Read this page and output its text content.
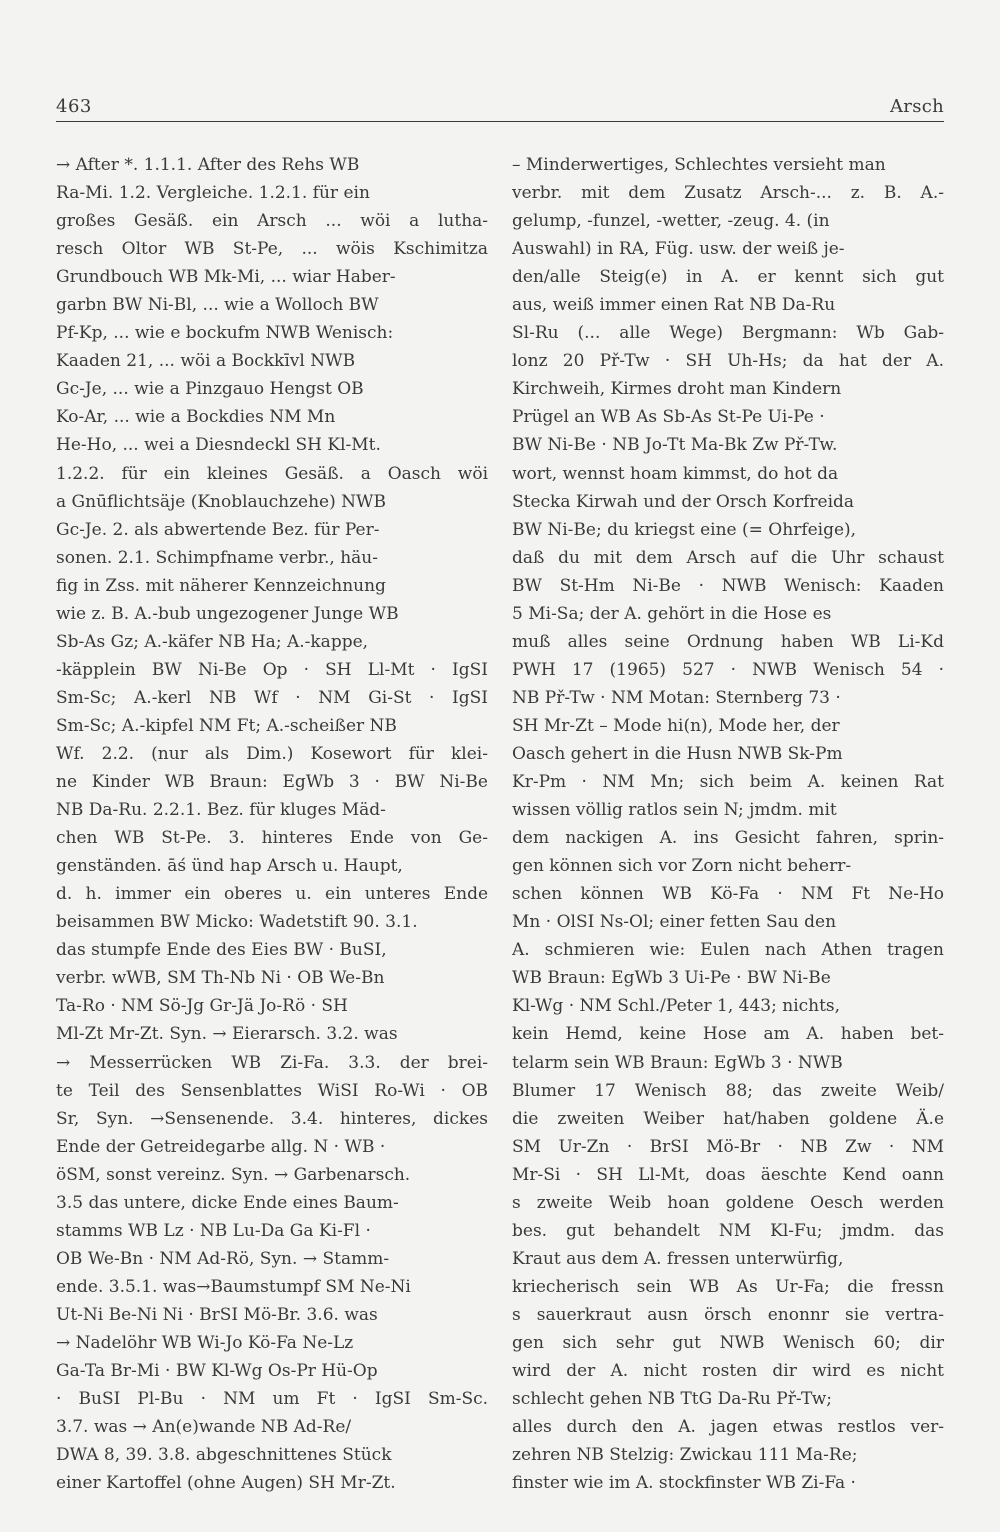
463	Arsch
→ After *. 1.1.1. After des Rehs WB
Ra-Mi. 1.2. Vergleiche. 1.2.1. für ein
großes Gesäß. ein Arsch ... wöi a lutha-
resch Oltor WB St-Pe, ... wöis Kschimitza
Grundbouch WB Mk-Mi, ... wiar Haber-
garbn BW Ni-Bl, ... wie a Wolloch BW
Pf-Kp, ... wie e bockufm NWB Wenisch:
Kaaden 21, ... wöi a Bockkīvl NWB
Gc-Je, ... wie a Pinzgauo Hengst OB
Ko-Ar, ... wie a Bockdies NM Mn
He-Ho, ... wei a Diesndeckl SH Kl-Mt.
1.2.2. für ein kleines Gesäß. a Oasch wöi
a Gnūflichtsäje (Knoblauchzehe) NWB
Gc-Je. 2. als abwertende Bez. für Per-
sonen. 2.1. Schimpfname verbr., häu-
fig in Zss. mit näherer Kennzeichnung
wie z. B. A.-bub ungezogener Junge WB
Sb-As Gz; A.-käfer NB Ha; A.-kappe,
-käpplein BW Ni-Be Op · SH Ll-Mt · IgSI
Sm-Sc; A.-kerl NB Wf · NM Gi-St · IgSI
Sm-Sc; A.-kipfel NM Ft; A.-scheißer NB
Wf. 2.2. (nur als Dim.) Kosewort für klei-
ne Kinder WB Braun: EgWb 3 · BW Ni-Be
NB Da-Ru. 2.2.1. Bez. für kluges Mäd-
chen WB St-Pe. 3. hinteres Ende von Ge-
genständen. āś ünd hap Arsch u. Haupt,
d. h. immer ein oberes u. ein unteres Ende
beisammen BW Micko: Wadetstift 90. 3.1.
das stumpfe Ende des Eies BW · BuSI,
verbr. wWB, SM Th-Nb Ni · OB We-Bn
Ta-Ro · NM Sö-Jg Gr-Jä Jo-Rö · SH
Ml-Zt Mr-Zt. Syn. → Eierarsch. 3.2. was
→ Messerrücken WB Zi-Fa. 3.3. der brei-
te Teil des Sensenblattes WiSI Ro-Wi · OB
Sr, Syn. →Sensenende. 3.4. hinteres, dickes
Ende der Getreidegarbe allg. N · WB ·
öSM, sonst vereinz. Syn. → Garbenarsch.
3.5 das untere, dicke Ende eines Baum-
stamms WB Lz · NB Lu-Da Ga Ki-Fl ·
OB We-Bn · NM Ad-Rö, Syn. → Stamm-
ende. 3.5.1. was→Baumstumpf SM Ne-Ni
Ut-Ni Be-Ni Ni · BrSI Mö-Br. 3.6. was
→ Nadelöhr WB Wi-Jo Kö-Fa Ne-Lz
Ga-Ta Br-Mi · BW Kl-Wg Os-Pr Hü-Op
· BuSI Pl-Bu · NM um Ft · IgSI Sm-Sc.
3.7. was → An(e)wande NB Ad-Re/
DWA 8, 39. 3.8. abgeschnittenes Stück
einer Kartoffel (ohne Augen) SH Mr-Zt.
– Minderwertiges, Schlechtes versieht man
verbr. mit dem Zusatz Arsch-... z. B. A.-
gelump, -funzel, -wetter, -zeug. 4. (in
Auswahl) in RA, Füg. usw. der weiß je-
den/alle Steig(e) in A. er kennt sich gut
aus, weiß immer einen Rat NB Da-Ru
Sl-Ru (... alle Wege) Bergmann: Wb Gab-
lonz 20 Př-Tw · SH Uh-Hs; da hat der A.
Kirchweih, Kirmes droht man Kindern
Prügel an WB As Sb-As St-Pe Ui-Pe ·
BW Ni-Be · NB Jo-Tt Ma-Bk Zw Př-Tw.
wort, wennst hoam kimmst, do hot da
Stecka Kirwah und der Orsch Korfreida
BW Ni-Be; du kriegst eine (= Ohrfeige),
daß du mit dem Arsch auf die Uhr schaust
BW St-Hm Ni-Be · NWB Wenisch: Kaaden
5 Mi-Sa; der A. gehört in die Hose es
muß alles seine Ordnung haben WB Li-Kd
PWH 17 (1965) 527 · NWB Wenisch 54 ·
NB Př-Tw · NM Motan: Sternberg 73 ·
SH Mr-Zt – Mode hi(n), Mode her, der
Oasch gehert in die Husn NWB Sk-Pm
Kr-Pm · NM Mn; sich beim A. keinen Rat
wissen völlig ratlos sein N; jmdm. mit
dem nackigen A. ins Gesicht fahren, sprin-
gen können sich vor Zorn nicht beherr-
schen können WB Kö-Fa · NM Ft Ne-Ho
Mn · OlSI Ns-Ol; einer fetten Sau den
A. schmieren wie: Eulen nach Athen tragen
WB Braun: EgWb 3 Ui-Pe · BW Ni-Be
Kl-Wg · NM Schl./Peter 1, 443; nichts,
kein Hemd, keine Hose am A. haben bet-
telarm sein WB Braun: EgWb 3 · NWB
Blumer 17 Wenisch 88; das zweite Weib/
die zweiten Weiber hat/haben goldene Ä.e
SM Ur-Zn · BrSI Mö-Br · NB Zw · NM
Mr-Si · SH Ll-Mt, doas äeschte Kend oann
s zweite Weib hoan goldene Oesch werden
bes. gut behandelt NM Kl-Fu; jmdm. das
Kraut aus dem A. fressen unterwürfig,
kriecherisch sein WB As Ur-Fa; die fressn
s sauerkraut ausn örsch enonnr sie vertra-
gen sich sehr gut NWB Wenisch 60; dir
wird der A. nicht rosten dir wird es nicht
schlecht gehen NB TtG Da-Ru Př-Tw;
alles durch den A. jagen etwas restlos ver-
zehren NB Stelzig: Zwickau 111 Ma-Re;
finster wie im A. stockfinster WB Zi-Fa ·
